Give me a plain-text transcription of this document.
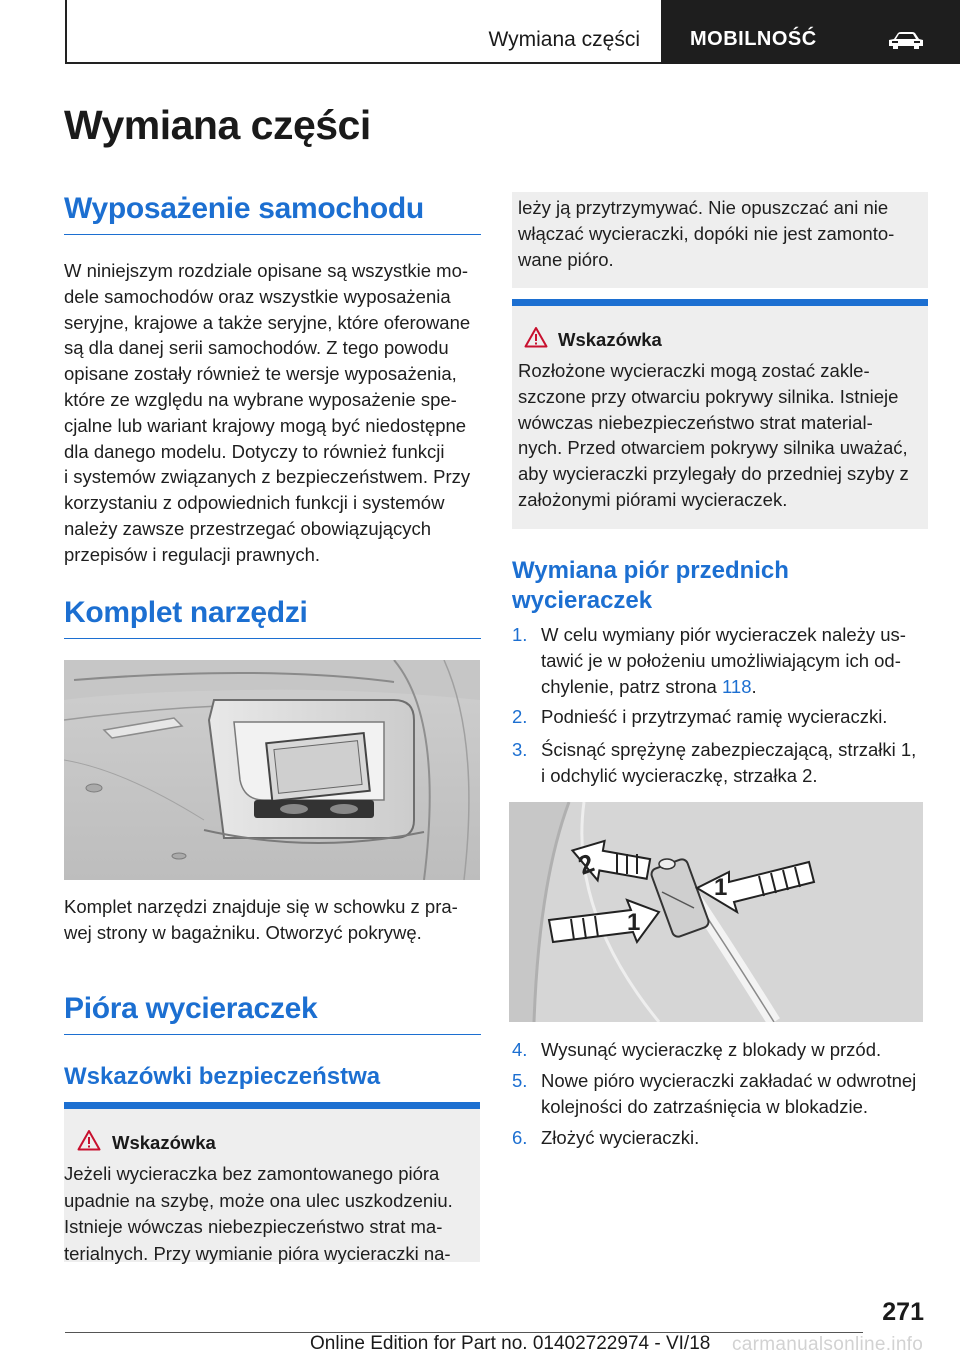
Wymiana części	MOBILNOŚĆ
Wymiana części
Wyposażenie samochodu
W niniejszym rozdziale opisane są wszystkie mo-
dele samochodów oraz wszystkie wyposażenia
seryjne, krajowe a także seryjne, które oferowane
są dla danej serii samochodów. Z tego powodu
opisane zostały również te wersje wyposażenia,
które ze względu na wybrane wyposażenie spe-
cjalne lub wariant krajowy mogą być niedostępne
dla danego modelu. Dotyczy to również funkcji
i systemów związanych z bezpieczeństwem. Przy
korzystaniu z odpowiednich funkcji i systemów
należy zawsze przestrzegać obowiązujących
przepisów i regulacji prawnych.
Komplet narzędzi
Komplet narzędzi znajduje się w schowku z pra-
wej strony w bagażniku. Otworzyć pokrywę.
Pióra wycieraczek
Wskazówki bezpieczeństwa
Wskazówka
Jeżeli wycieraczka bez zamontowanego pióra
upadnie na szybę, może ona ulec uszkodzeniu.
Istnieje wówczas niebezpieczeństwo strat ma-
terialnych. Przy wymianie pióra wycieraczki na-
leży ją przytrzymywać. Nie opuszczać ani nie
włączać wycieraczki, dopóki nie jest zamonto-
wane pióro.
Wskazówka
Rozłożone wycieraczki mogą zostać zakle-
szczone przy otwarciu pokrywy silnika. Istnieje
wówczas niebezpieczeństwo strat material-
nych. Przed otwarciem pokrywy silnika uważać,
aby wycieraczki przylegały do przedniej szyby z
założonymi piórami wycieraczek.
Wymiana piór przednich
wycieraczek
1. W celu wymiany piór wycieraczek należy us-
tawić je w położeniu umożliwiającym ich od-
chylenie, patrz strona 118.
2. Podnieść i przytrzymać ramię wycieraczki.
3. Ścisnąć sprężynę zabezpieczającą, strzałki 1,
i odchylić wycieraczkę, strzałka 2.
2
1
1
4. Wysunąć wycieraczkę z blokady w przód.
5. Nowe pióro wycieraczki zakładać w odwrotnej
kolejności do zatrzaśnięcia w blokadzie.
6. Złożyć wycieraczki.
271
Online Edition for Part no. 01402722974 - VI/18 carmanualsonline.info
